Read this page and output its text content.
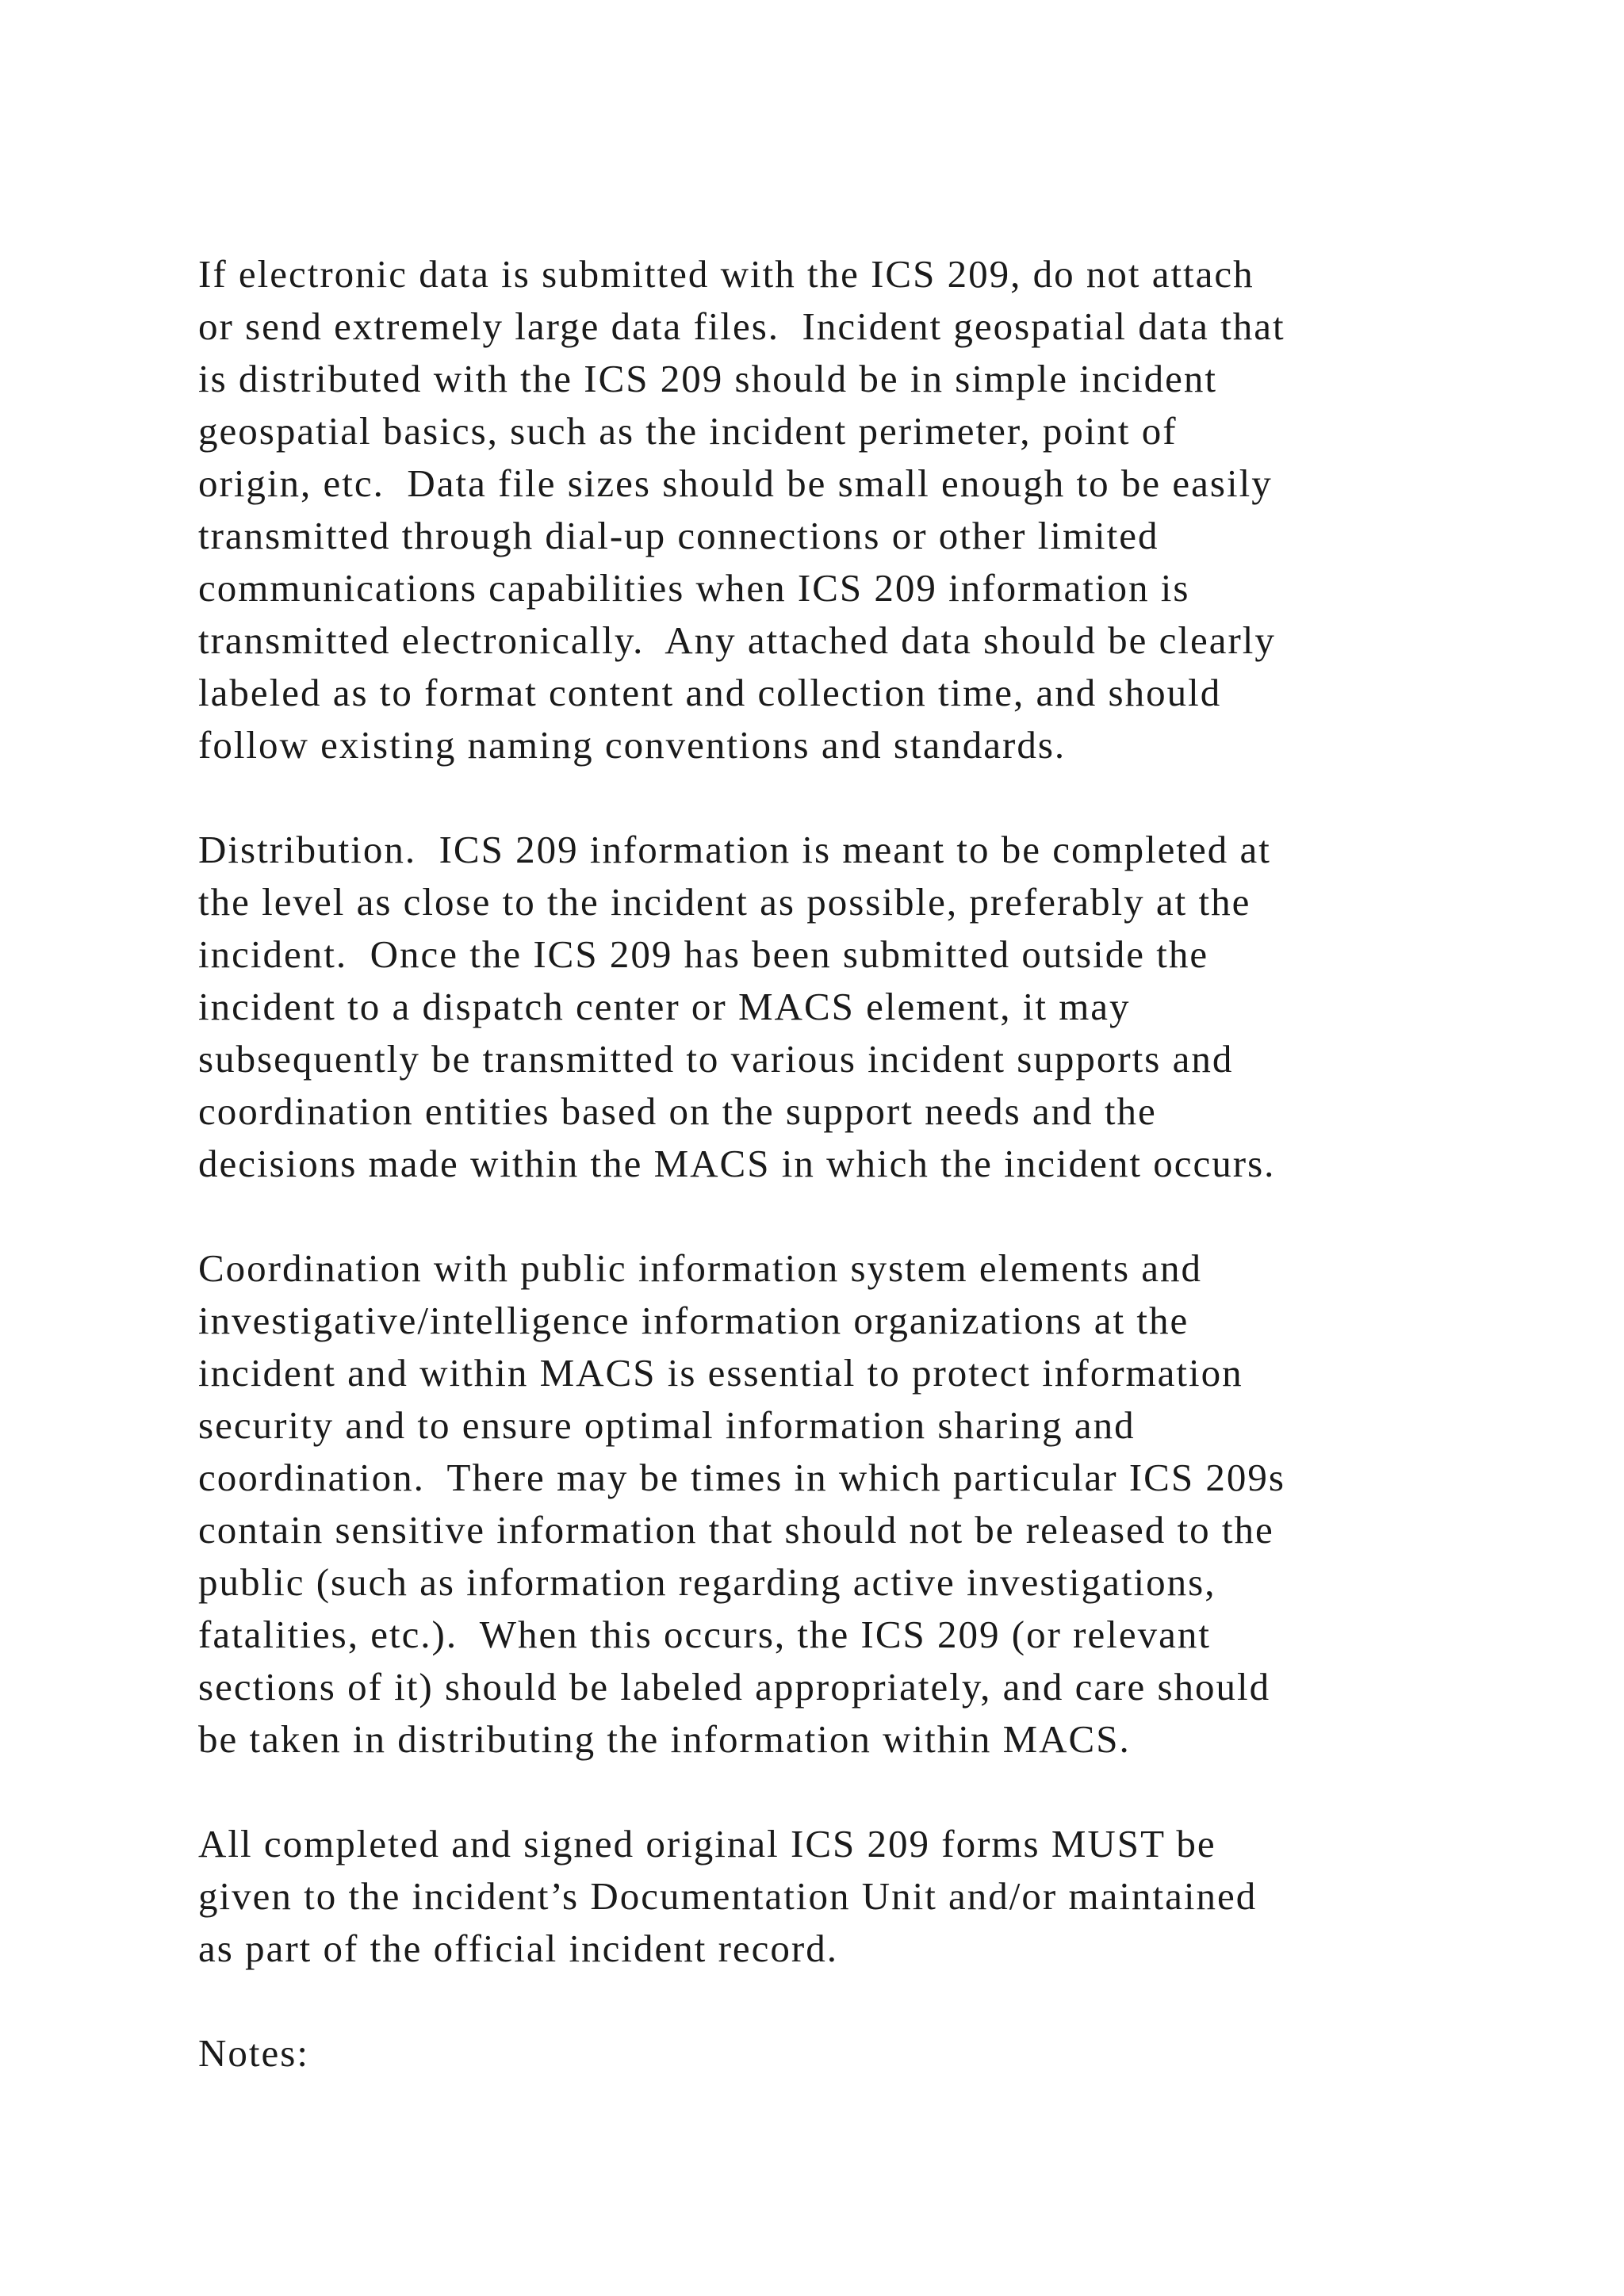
If electronic data is submitted with the ICS 209, do not attach
or send extremely large data files.  Incident geospatial data that
is distributed with the ICS 209 should be in simple incident
geospatial basics, such as the incident perimeter, point of
origin, etc.  Data file sizes should be small enough to be easily
transmitted through dial-up connections or other limited
communications capabilities when ICS 209 information is
transmitted electronically.  Any attached data should be clearly
labeled as to format content and collection time, and should
follow existing naming conventions and standards.

Distribution.  ICS 209 information is meant to be completed at
the level as close to the incident as possible, preferably at the
incident.  Once the ICS 209 has been submitted outside the
incident to a dispatch center or MACS element, it may
subsequently be transmitted to various incident supports and
coordination entities based on the support needs and the
decisions made within the MACS in which the incident occurs.

Coordination with public information system elements and
investigative/intelligence information organizations at the
incident and within MACS is essential to protect information
security and to ensure optimal information sharing and
coordination.  There may be times in which particular ICS 209s
contain sensitive information that should not be released to the
public (such as information regarding active investigations,
fatalities, etc.).  When this occurs, the ICS 209 (or relevant
sections of it) should be labeled appropriately, and care should
be taken in distributing the information within MACS.

All completed and signed original ICS 209 forms MUST be
given to the incident’s Documentation Unit and/or maintained
as part of the official incident record.

Notes:
